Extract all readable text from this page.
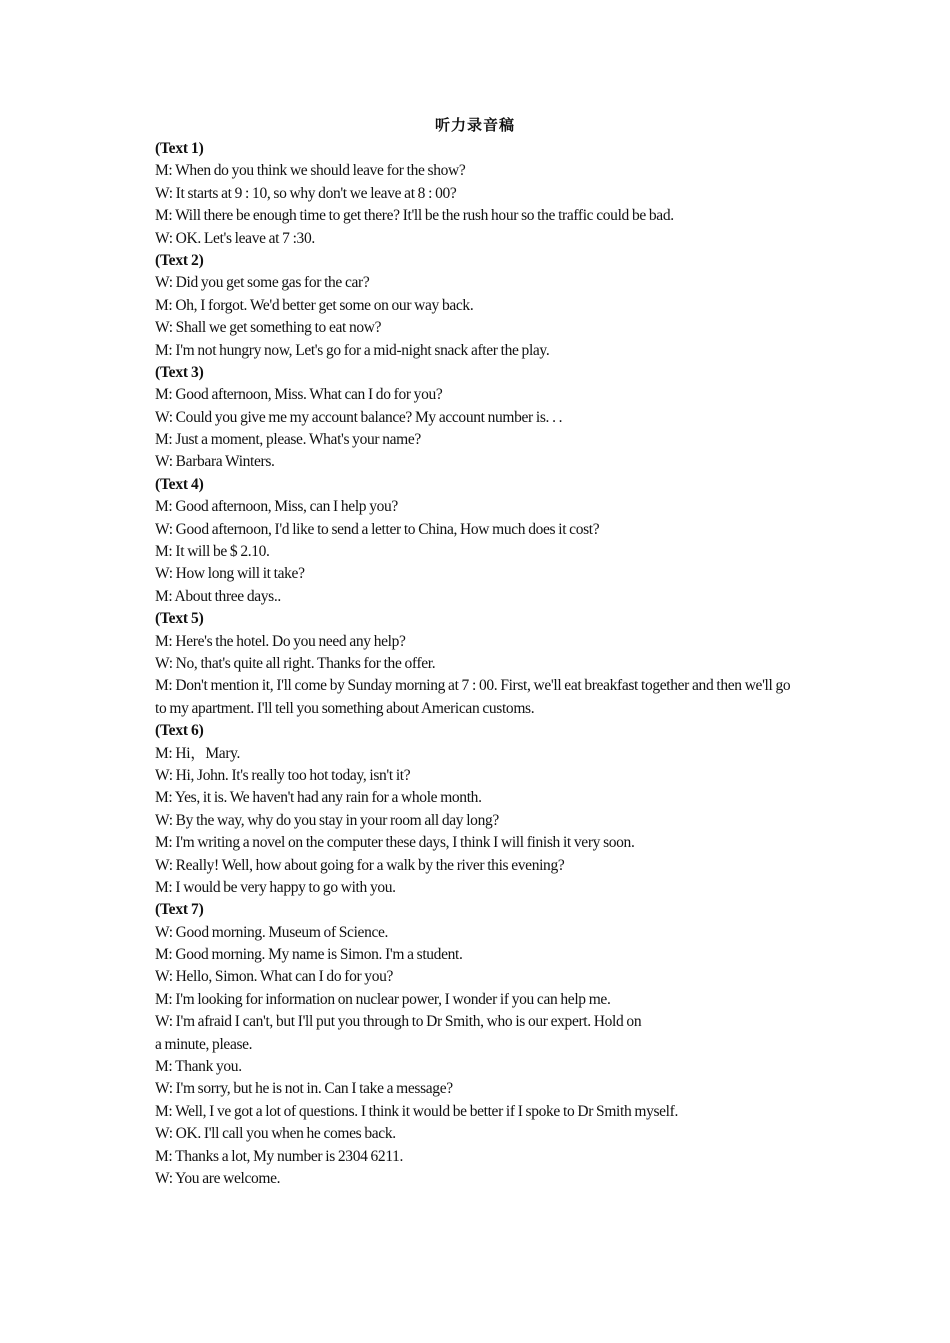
听力录音稿
(Text 1)
M: When do you think we should leave for the show?
W: It starts at 9 : 10, so why don't we leave at 8 : 00?
M: Will there be enough time to get there? It'll be the rush hour so the traffic could be bad.
W: OK. Let's leave at 7 :30.
(Text 2)
W: Did you get some gas for the car?
M: Oh, I forgot. We'd better get some on our way back.
W: Shall we get something to eat now?
M: I'm not hungry now, Let's go for a mid-night snack after the play.
(Text 3)
M: Good afternoon, Miss. What can I do for you?
W: Could you give me my account balance? My account number is. . .
M: Just a moment, please. What's your name?
W: Barbara Winters.
(Text 4)
M: Good afternoon, Miss, can I help you?
W: Good afternoon, I'd like to send a letter to China, How much does it cost?
M: It will be $ 2.10.
W: How long will it take?
M: About three days..
(Text 5)
M: Here's the hotel. Do you need any help?
W: No, that's quite all right. Thanks for the offer.
M: Don't mention it, I'll come by Sunday morning at 7 : 00. First, we'll eat breakfast together and then we'll go to my apartment. I'll tell you something about American customs.
(Text 6)
M: Hi，Mary.
W: Hi, John. It's really too hot today, isn't it?
M: Yes, it is. We haven't had any rain for a whole month.
W: By the way, why do you stay in your room all day long?
M: I'm writing a novel on the computer these days, I think I will finish it very soon.
W: Really! Well, how about going for a walk by the river this evening?
M: I would be very happy to go with you.
(Text 7)
W: Good morning. Museum of Science.
M: Good morning. My name is Simon. I'm a student.
W: Hello, Simon. What can I do for you?
M: I'm looking for information on nuclear power, I wonder if you can help me.
W: I'm afraid I can't, but I'll put you through to Dr Smith, who is our expert. Hold on
a minute, please.
M: Thank you.
W: I'm sorry, but he is not in. Can I take a message?
M: Well, I ve got a lot of questions. I think it would be better if I spoke to Dr Smith myself.
W: OK. I'll call you when he comes back.
M: Thanks a lot, My number is 2304 6211.
W: You are welcome.
